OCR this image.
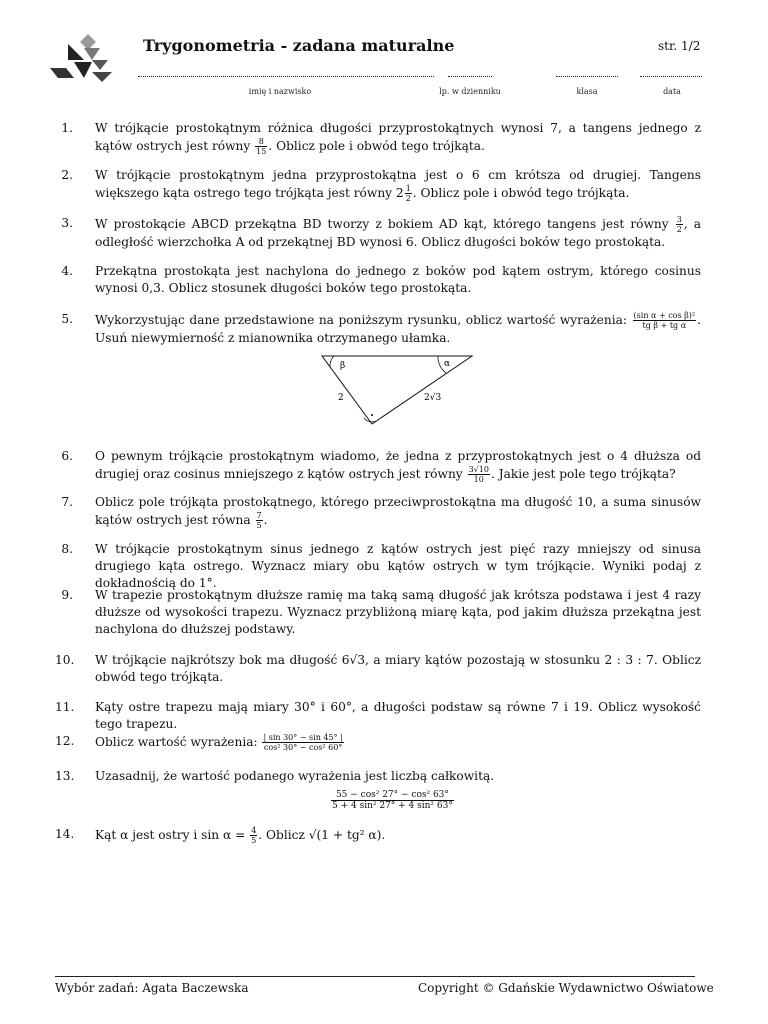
Trygonometria - zadana maturalne	str. 1/2
imię i nazwisko	lp. w dzienniku	klasa	data
1. W trójkącie prostokątnym różnica długości przyprostokątnych wynosi 7, a tangens jednego z kątów ostrych jest równy $\frac{8}{15}$ . Oblicz pole i obwód tego trójkąta.
2. W trójkącie prostokątnym jedna przyprostokątna jest o 6 cm krótsza od drugiej. Tangens większego kąta ostrego tego trójkąta jest równy $2 \frac{1}{2}$ . Oblicz pole i obwód tego trójkąta.
3. W prostokącie ABCD przekątna BD tworzy z bokiem AD kąt, którego tangens jest równy $\frac{3}{2}$ , a odległość wierzchołka A od przekątnej BD wynosi 6. Oblicz długości boków tego prostokąta.
4. Przekątna prostokąta jest nachylona do jednego z boków pod kątem ostrym, którego cosinus wynosi 0,3. Oblicz stosunek długości boków tego prostokąta.
5. Wykorzystując dane przedstawione na poniższym rysunku, oblicz wartość wyrażenia: $\frac{\text{(sin α + cos β)²}}{\text{tg β + tg α}}$ . Usuń niewymierność z mianownika otrzymanego ułamka.
β	α
2	2√3
6. O pewnym trójkącie prostokątnym wiadomo, że jedna z przyprostokątnych jest o 4 dłuższa od drugiej oraz cosinus mniejszego z kątów ostrych jest równy $\frac{3√10}{10}$ . Jakie jest pole tego trójkąta?
7. Oblicz pole trójkąta prostokątnego, którego przeciwprostokątna ma długość 10, a suma sinusów kątów ostrych jest równa $\frac{7}{5}$ .
8. W trójkącie prostokątnym sinus jednego z kątów ostrych jest pięć razy mniejszy od sinusa drugiego kąta ostrego. Wyznacz miary obu kątów ostrych w tym trójkącie. Wyniki podaj z dokładnością do 1°.
9. W trapezie prostokątnym dłuższe ramię ma taką samą długość jak krótsza podstawa i jest 4 razy dłuższe od wysokości trapezu. Wyznacz przybliżoną miarę kąta, pod jakim dłuższa przekątna jest nachylona do dłuższej podstawy.
10. W trójkącie najkrótszy bok ma długość 6√3, a miary kątów pozostają w stosunku 2 : 3 : 7. Oblicz obwód tego trójkąta.
11. Kąty ostre trapezu mają miary 30° i 60°, a długości podstaw są równe 7 i 19. Oblicz wysokość tego trapezu.
12. Oblicz wartość wyrażenia: $\frac{| \sin 30^\circ - \sin 45^\circ |}{\text{cos² 30° − cos² 60°}}$
13. Uzasadnij, że wartość podanego wyrażenia jest liczbą całkowitą.
$\frac{\text{55 − cos² 27° − cos² 63°}}{\text{5 + 4 sin² 27° + 4 sin² 63°}}$
14. Kąt α jest ostry i $\sin \alpha = \frac{4}{5}$ . Oblicz √(1 + tg² α).
Wybór zadań: Agata Baczewska	Copyright © Gdańskie Wydawnictwo Oświatowe
